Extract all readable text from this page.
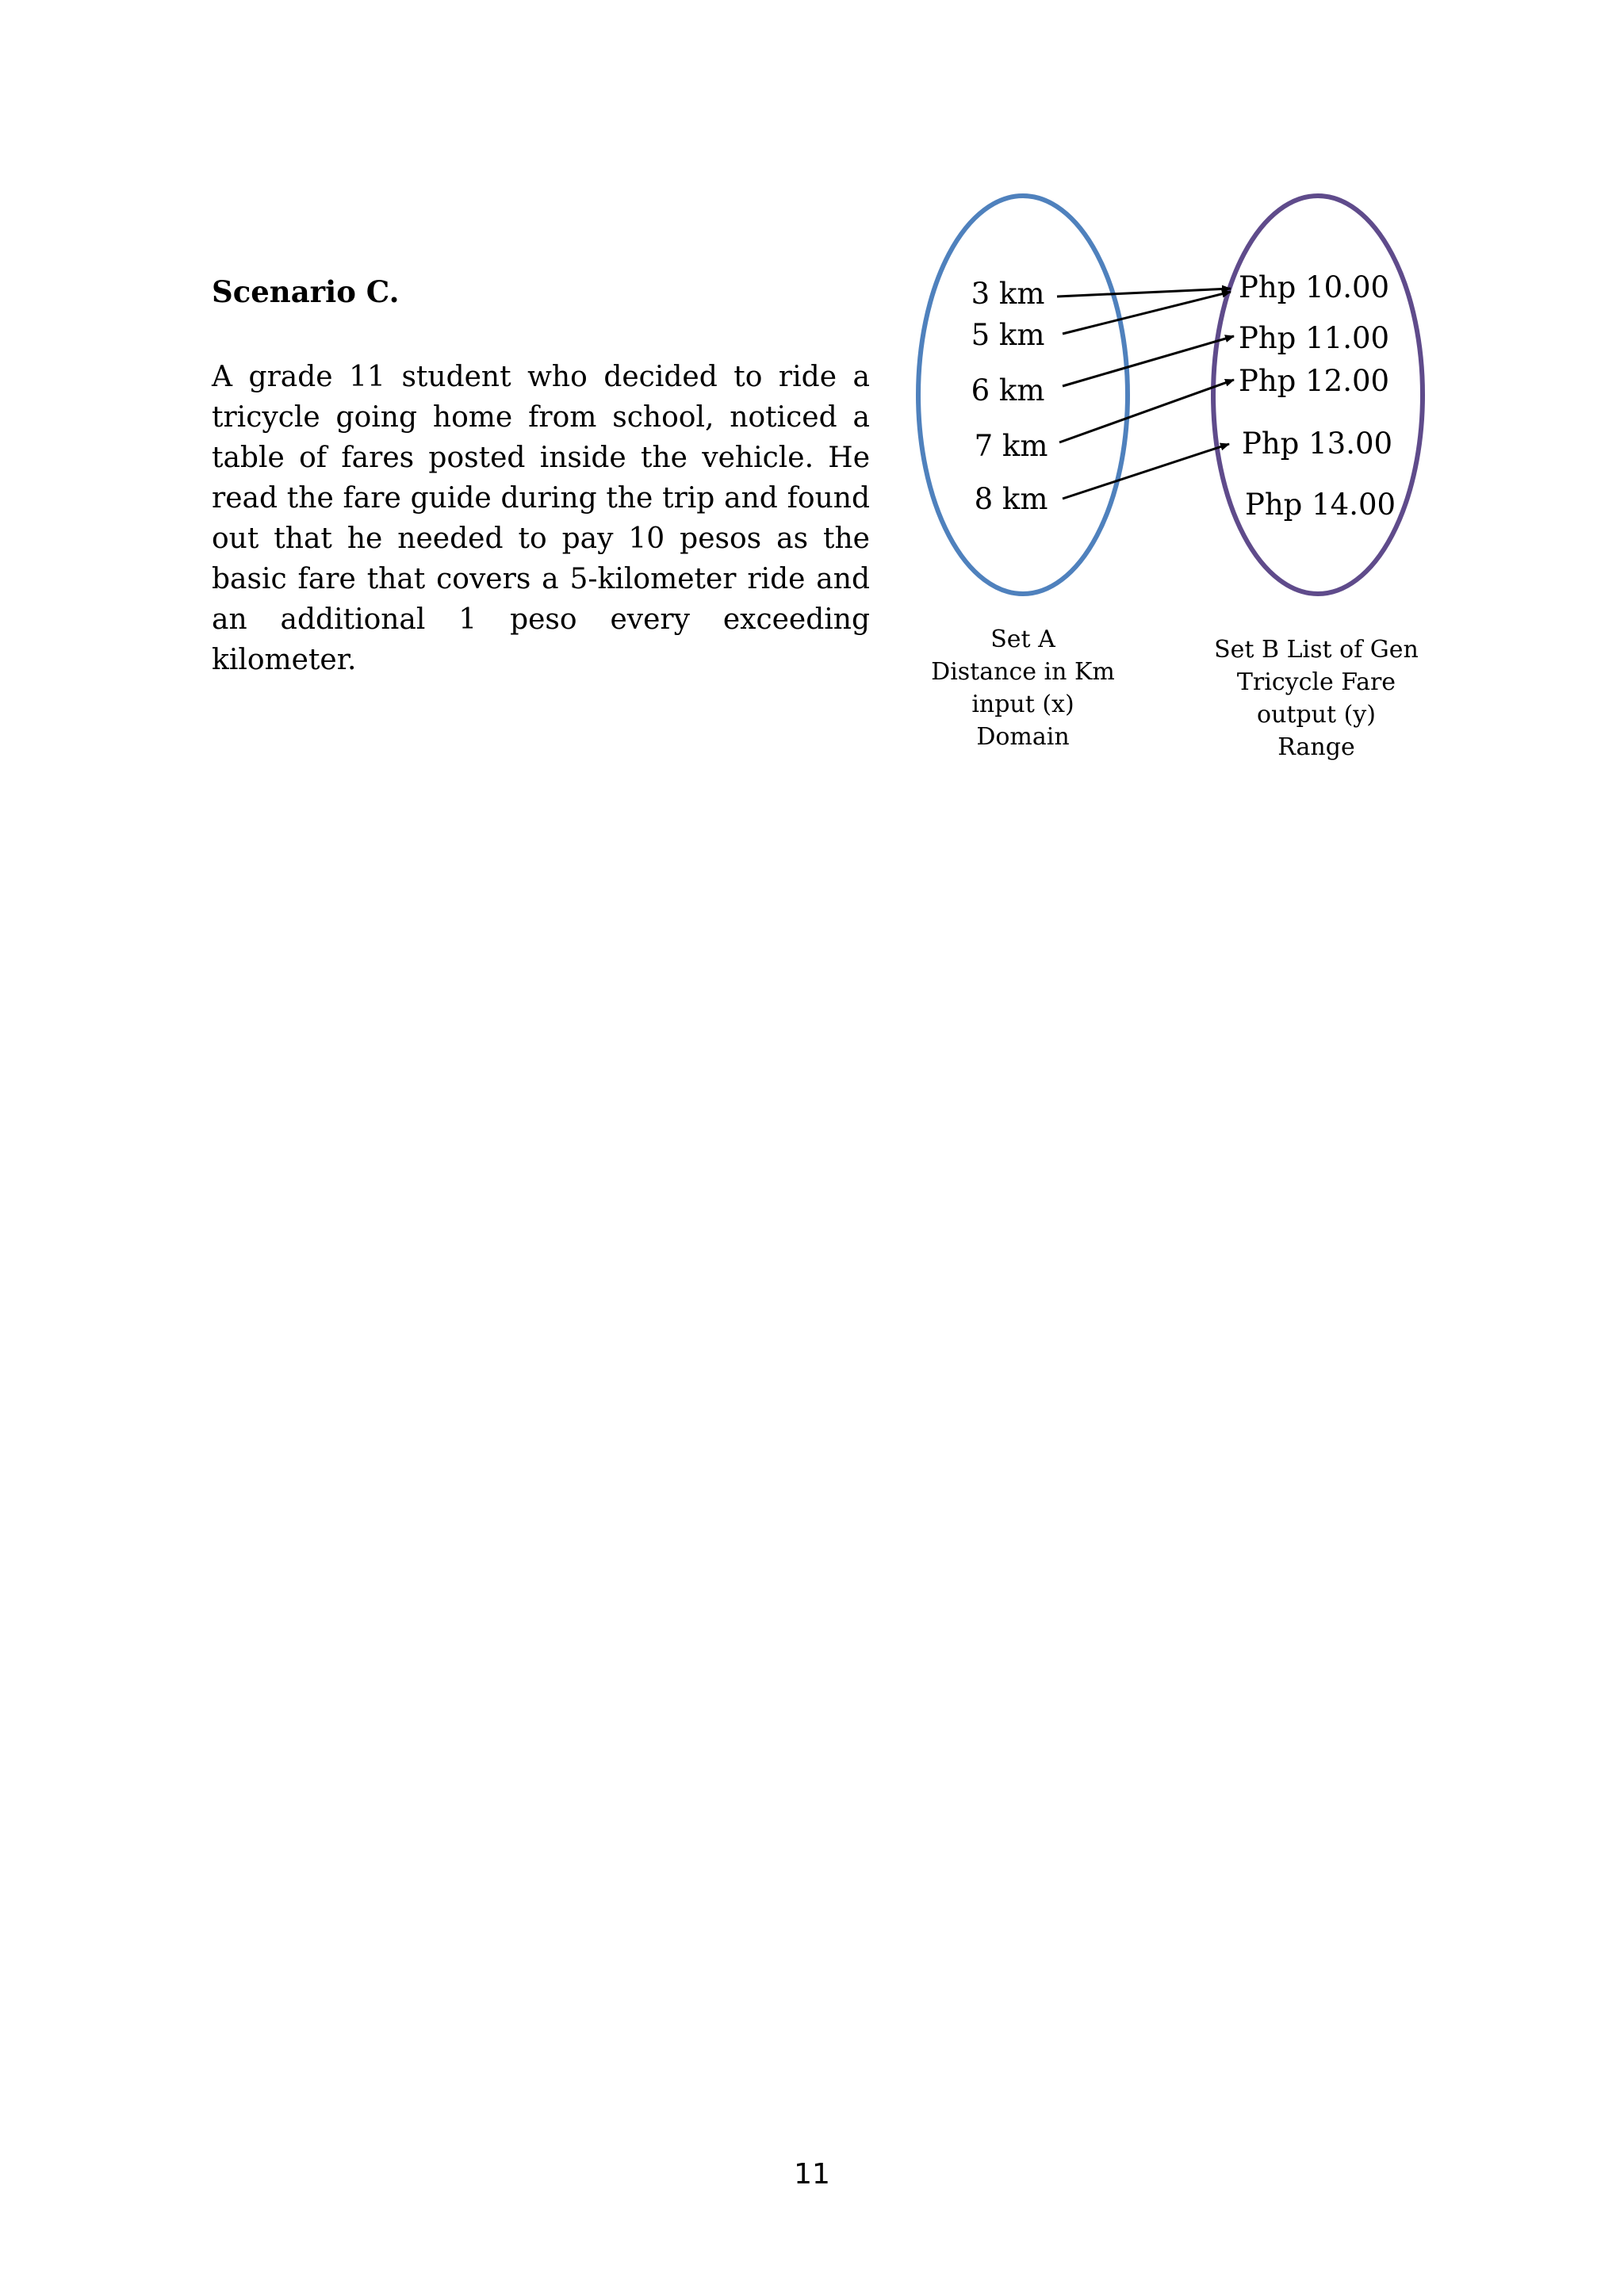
Scenario C.

A grade 11 student who decided to ride a tricycle going home from school, noticed a table of fares posted inside the vehicle. He read the fare guide during the trip and found out that he needed to pay 10 pesos as the basic fare that covers a 5-kilometer ride and an additional 1 peso every exceeding kilometer.

3 km
5 km
6 km
7 km
8 km
Php 10.00
Php 11.00
Php 12.00
Php 13.00
Php 14.00
Set A
Distance in Km
input (x)
Domain
Set B List of Gen
Tricycle Fare
output (y)
Range
11
